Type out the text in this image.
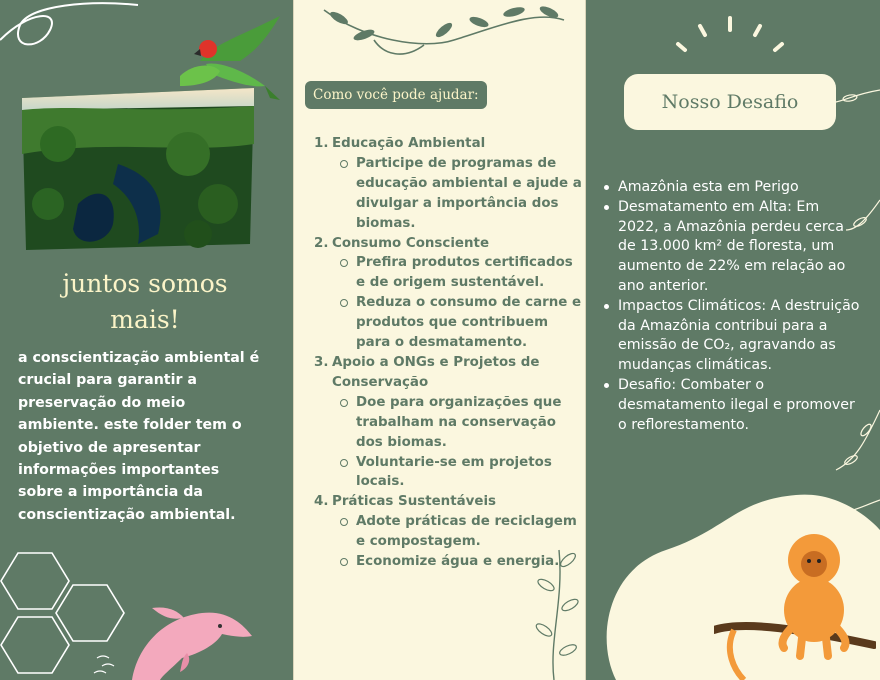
juntos somos
mais!
a conscientização ambiental é crucial para garantir a preservação do meio ambiente. este folder tem o objetivo de apresentar informações importantes sobre a importância da conscientização ambiental.
Como você pode ajudar:
1. Educação Ambiental
Participe de programas de educação ambiental e ajude a divulgar a importância dos biomas.
2. Consumo Consciente
Prefira produtos certificados e de origem sustentável.
Reduza o consumo de carne e produtos que contribuem para o desmatamento.
3. Apoio a ONGs e Projetos de Conservação
Doe para organizações que trabalham na conservação dos biomas.
Voluntarie-se em projetos locais.
4. Práticas Sustentáveis
Adote práticas de reciclagem e compostagem.
Economize água e energia.
Nosso Desafio
Amazônia esta em Perigo
Desmatamento em Alta: Em 2022, a Amazônia perdeu cerca de 13.000 km² de floresta, um aumento de 22% em relação ao ano anterior.
Impactos Climáticos: A destruição da Amazônia contribui para a emissão de CO₂, agravando as mudanças climáticas.
Desafio: Combater o desmatamento ilegal e promover o reflorestamento.
